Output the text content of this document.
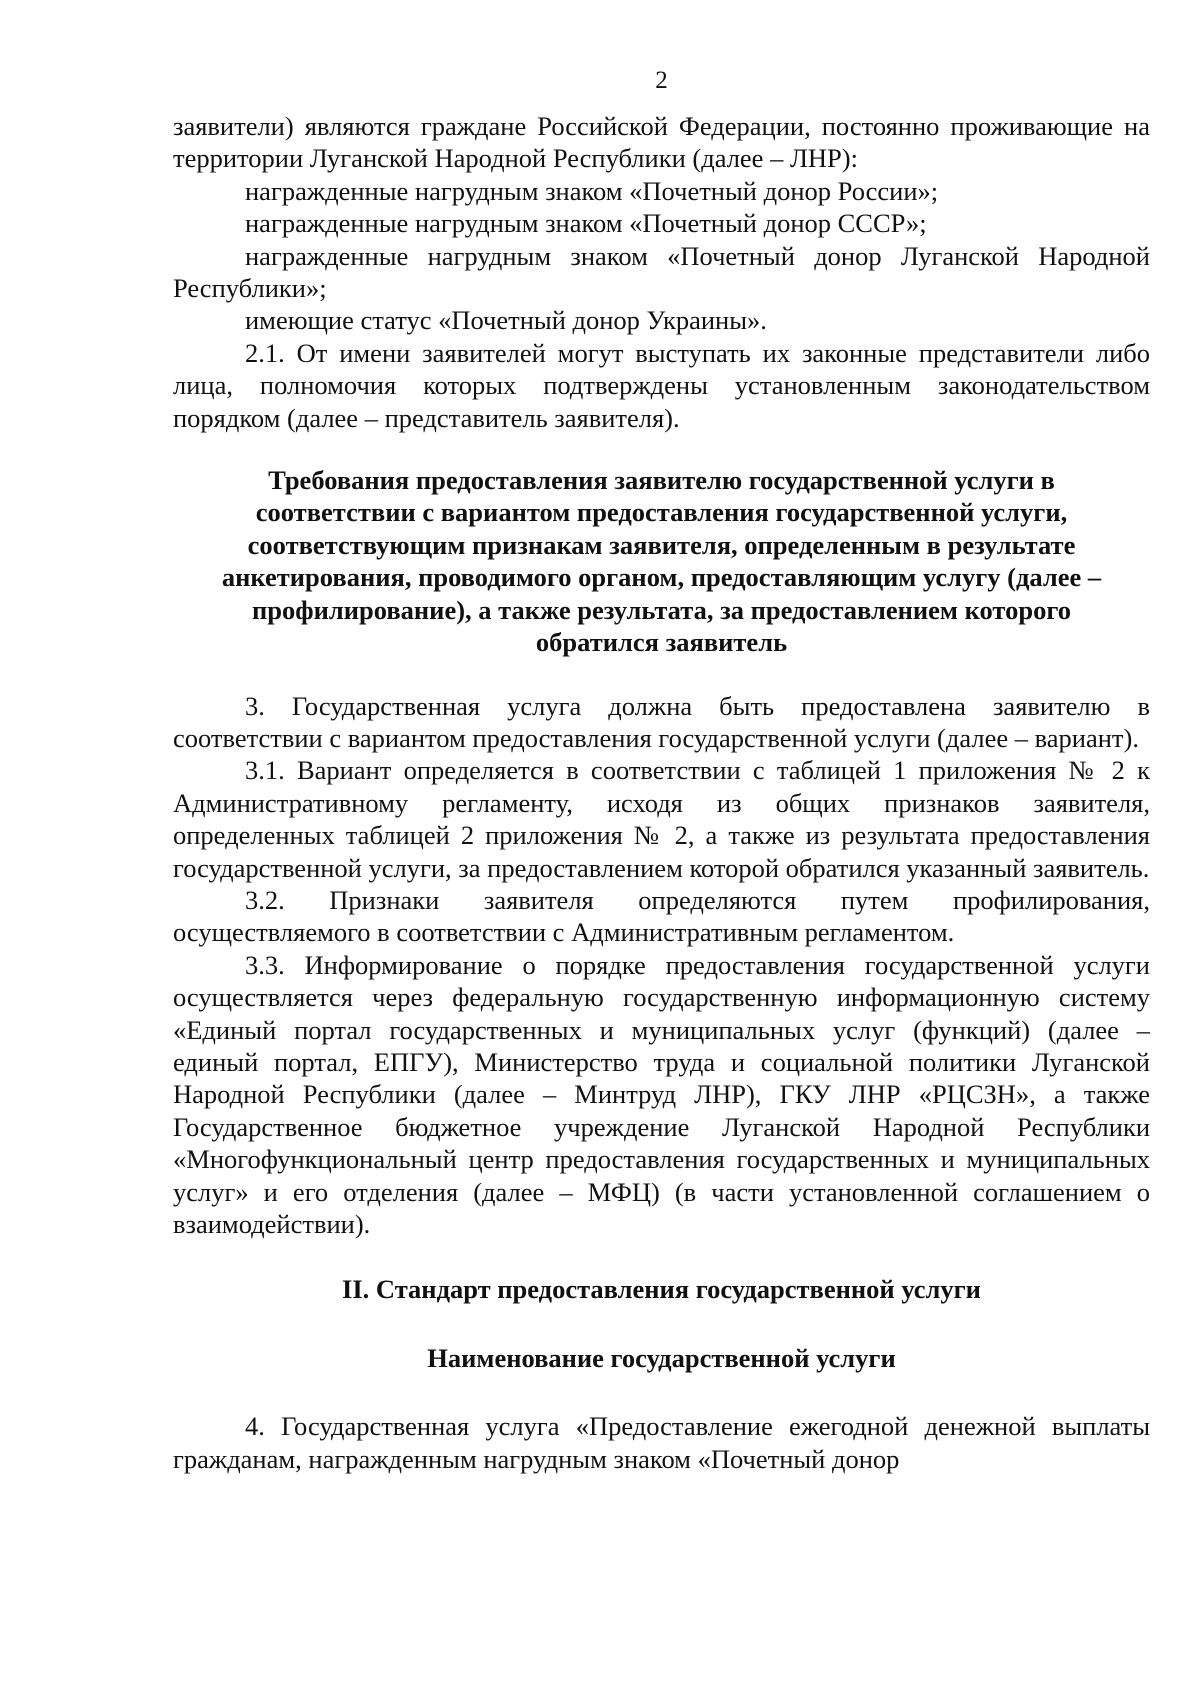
2

заявители) являются граждане Российской Федерации, постоянно проживающие на территории Луганской Народной Республики (далее – ЛНР):

награжденные нагрудным знаком «Почетный донор России»;

награжденные нагрудным знаком «Почетный донор СССР»;

награжденные нагрудным знаком «Почетный донор Луганской Народной Республики»;

имеющие статус «Почетный донор Украины».

2.1. От имени заявителей могут выступать их законные представители либо лица, полномочия которых подтверждены установленным законодательством порядком (далее – представитель заявителя).

Требования предоставления заявителю государственной услуги в
соответствии с вариантом предоставления государственной услуги,
соответствующим признакам заявителя, определенным в результате
анкетирования, проводимого органом, предоставляющим услугу (далее –
профилирование), а также результата, за предоставлением которого
обратился заявитель

3. Государственная услуга должна быть предоставлена заявителю в соответствии с вариантом предоставления государственной услуги (далее – вариант).

3.1. Вариант определяется в соответствии с таблицей 1 приложения № 2 к Административному регламенту, исходя из общих признаков заявителя, определенных таблицей 2 приложения № 2, а также из результата предоставления государственной услуги, за предоставлением которой обратился указанный заявитель.

3.2. Признаки заявителя определяются путем профилирования, осуществляемого в соответствии с Административным регламентом.

3.3. Информирование о порядке предоставления государственной услуги осуществляется через федеральную государственную информационную систему «Единый портал государственных и муниципальных услуг (функций) (далее – единый портал, ЕПГУ), Министерство труда и социальной политики Луганской Народной Республики (далее – Минтруд ЛНР), ГКУ ЛНР «РЦСЗН», а также Государственное бюджетное учреждение Луганской Народной Республики «Многофункциональный центр предоставления государственных и муниципальных услуг» и его отделения (далее – МФЦ) (в части установленной соглашением о взаимодействии).

II. Стандарт предоставления государственной услуги
Наименование государственной услуги

4. Государственная услуга «Предоставление ежегодной денежной выплаты гражданам, награжденным нагрудным знаком «Почетный донор
